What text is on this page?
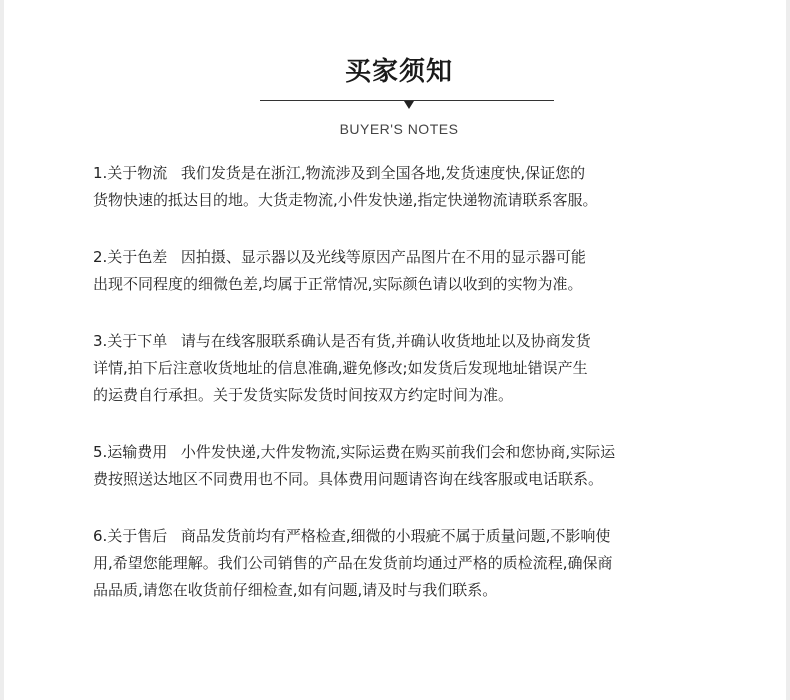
买家须知
BUYER'S NOTES
1.关于物流 我们发货是在浙江,物流涉及到全国各地,发货速度快,保证您的
货物快速的抵达目的地。大货走物流,小件发快递,指定快递物流请联系客服。
2.关于色差 因拍摄、显示器以及光线等原因产品图片在不用的显示器可能
出现不同程度的细微色差,均属于正常情况,实际颜色请以收到的实物为准。
3.关于下单 请与在线客服联系确认是否有货,并确认收货地址以及协商发货
详情,拍下后注意收货地址的信息准确,避免修改;如发货后发现地址错误产生
的运费自行承担。关于发货实际发货时间按双方约定时间为准。
5.运输费用 小件发快递,大件发物流,实际运费在购买前我们会和您协商,实际运
费按照送达地区不同费用也不同。具体费用问题请咨询在线客服或电话联系。
6.关于售后 商品发货前均有严格检查,细微的小瑕疵不属于质量问题,不影响使
用,希望您能理解。我们公司销售的产品在发货前均通过严格的质检流程,确保商
品品质,请您在收货前仔细检查,如有问题,请及时与我们联系。
